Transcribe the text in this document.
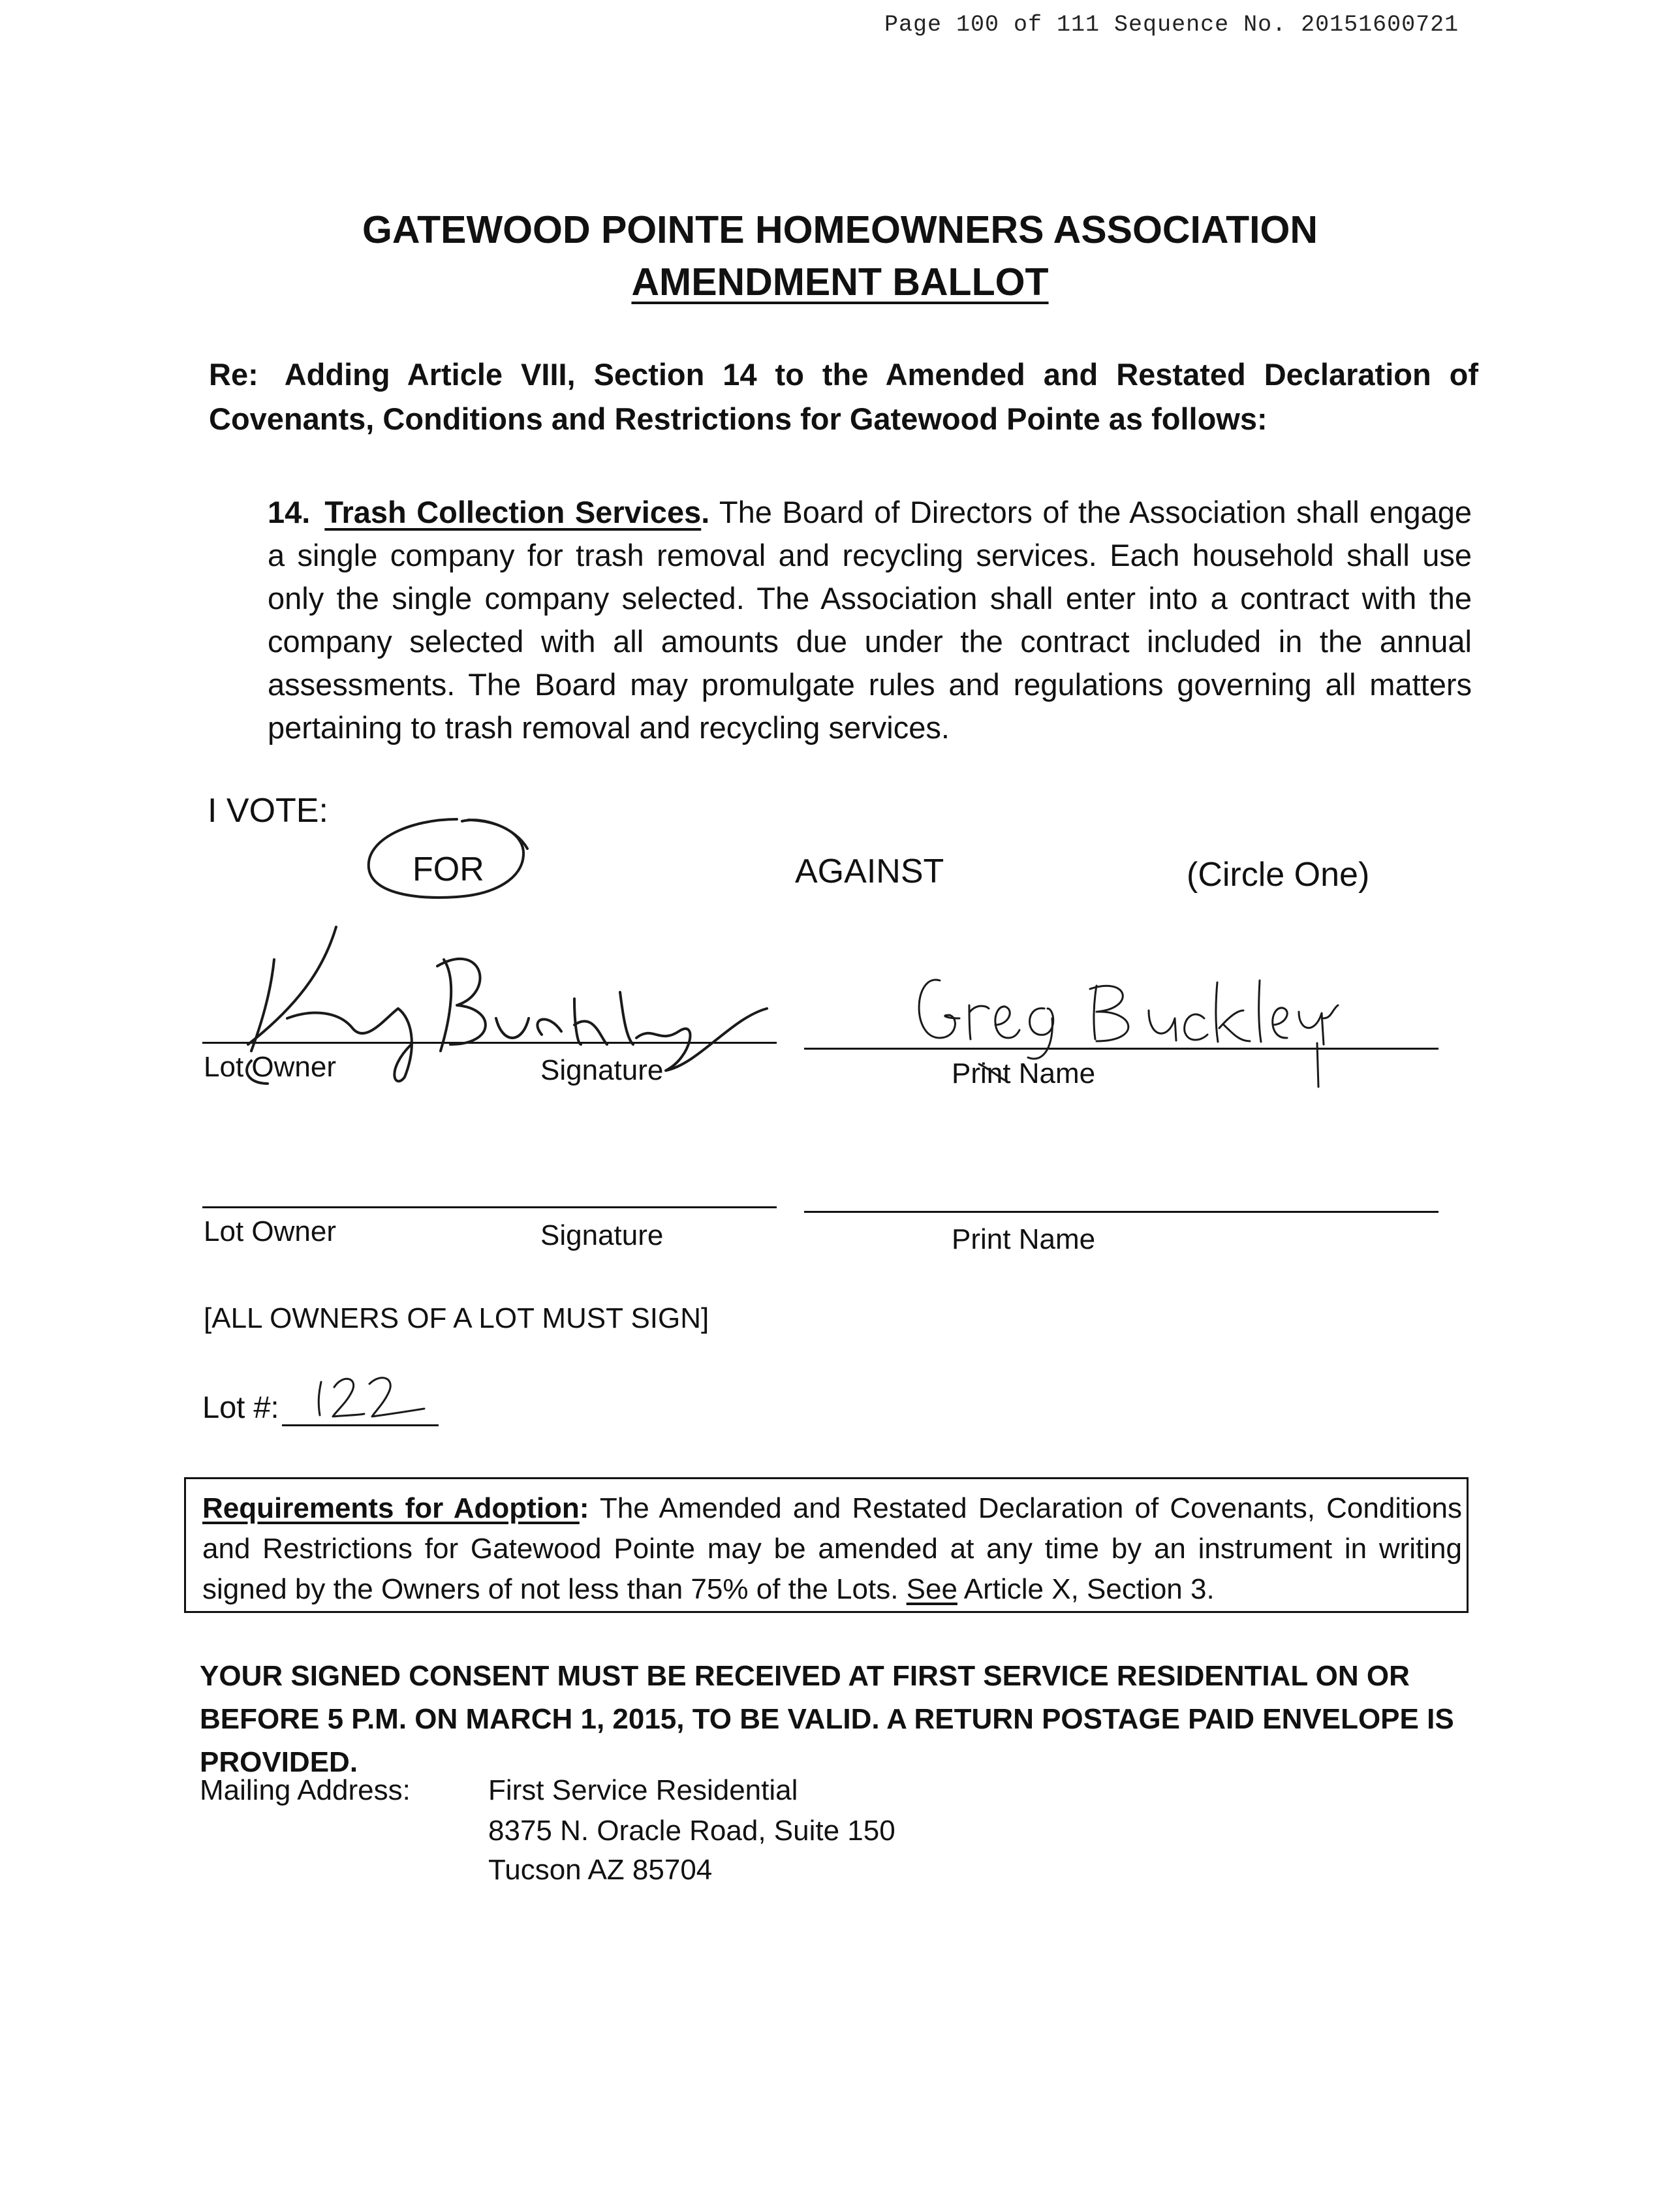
Page 100 of 111 Sequence No. 20151600721
GATEWOOD POINTE HOMEOWNERS ASSOCIATION
AMENDMENT BALLOT
Re: Adding Article VIII, Section 14 to the Amended and Restated Declaration of Covenants, Conditions and Restrictions for Gatewood Pointe as follows:
14. Trash Collection Services. The Board of Directors of the Association shall engage a single company for trash removal and recycling services. Each household shall use only the single company selected. The Association shall enter into a contract with the company selected with all amounts due under the contract included in the annual assessments. The Board may promulgate rules and regulations governing all matters pertaining to trash removal and recycling services.
I VOTE:
FOR	AGAINST	(Circle One)
Lot Owner	Signature	Print Name
Lot Owner	Signature	Print Name
[ALL OWNERS OF A LOT MUST SIGN]
Lot #:
Requirements for Adoption: The Amended and Restated Declaration of Covenants, Conditions and Restrictions for Gatewood Pointe may be amended at any time by an instrument in writing signed by the Owners of not less than 75% of the Lots. See Article X, Section 3.
YOUR SIGNED CONSENT MUST BE RECEIVED AT FIRST SERVICE RESIDENTIAL ON OR BEFORE 5 P.M. ON MARCH 1, 2015, TO BE VALID. A RETURN POSTAGE PAID ENVELOPE IS PROVIDED.
Mailing Address:	First Service Residential
8375 N. Oracle Road, Suite 150
Tucson AZ 85704
